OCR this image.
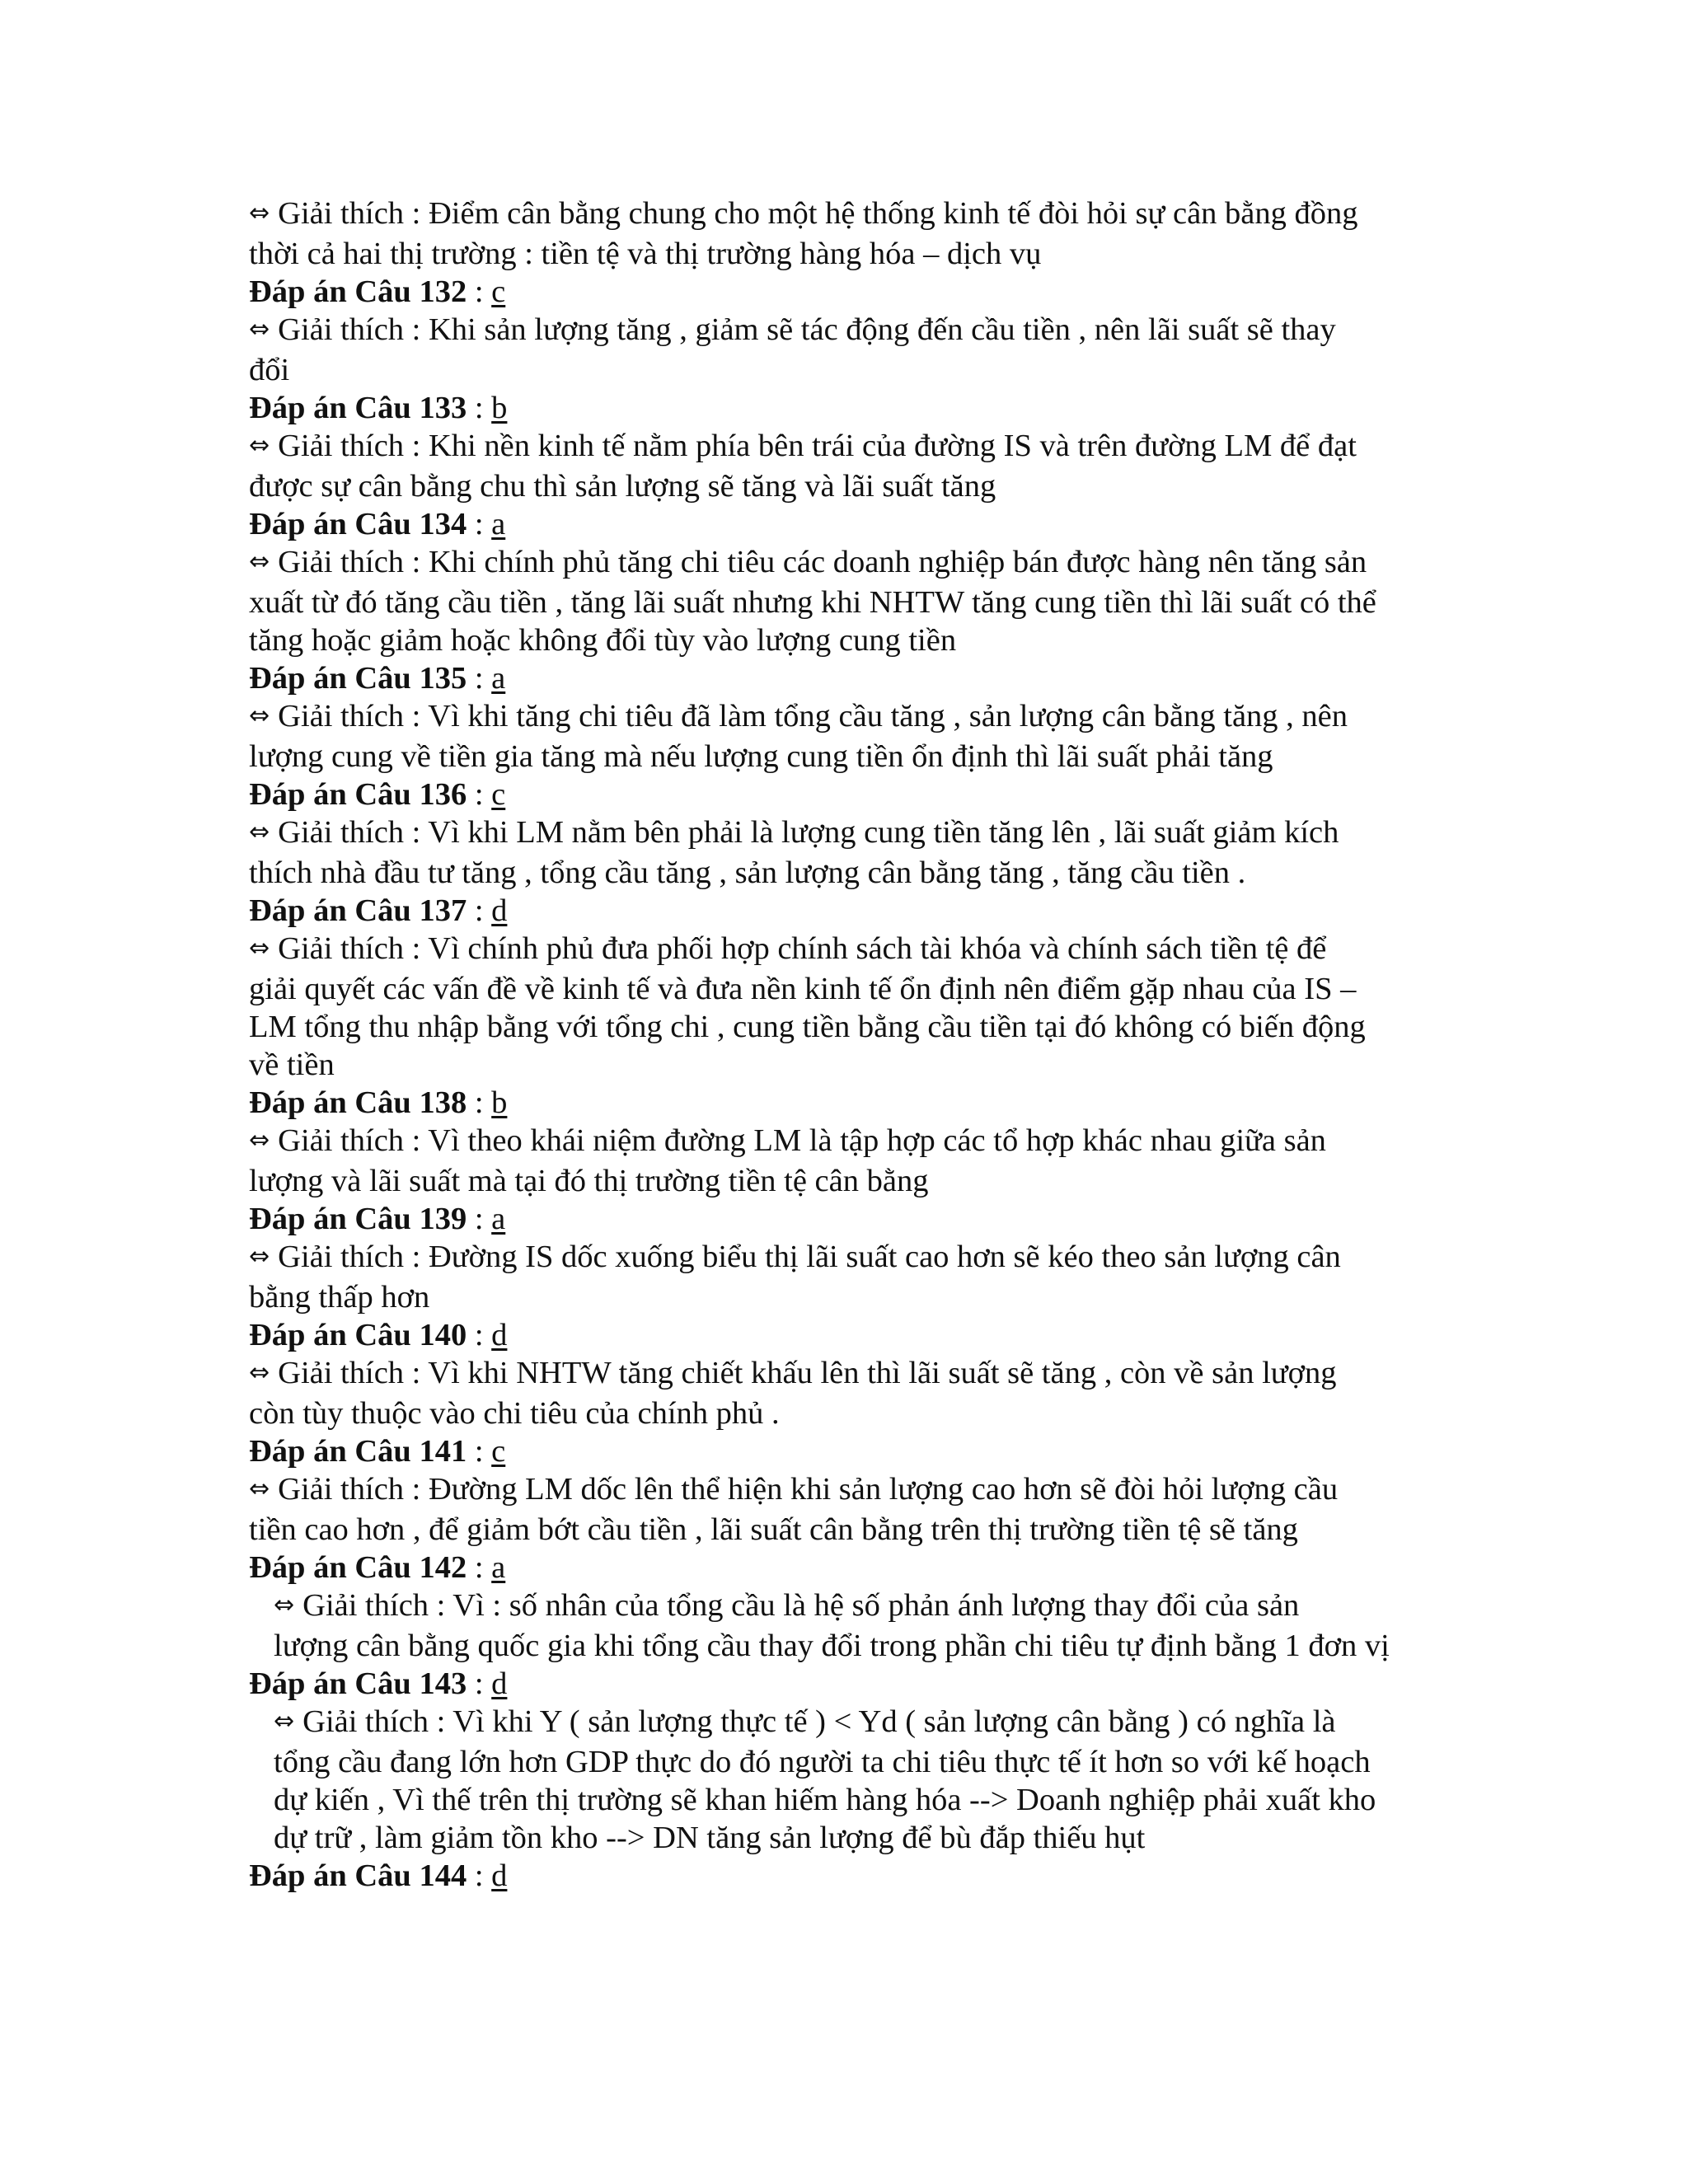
⇔ Giải thích : Điểm cân bằng chung cho một hệ thống kinh tế đòi hỏi sự cân bằng đồng
thời cả hai thị trường : tiền tệ và thị trường hàng hóa – dịch vụ
Đáp án Câu 132 : c
⇔ Giải thích : Khi sản lượng tăng , giảm sẽ tác động đến cầu tiền , nên lãi suất sẽ thay
đổi
Đáp án Câu 133 : b
⇔ Giải thích : Khi nền kinh tế nằm phía bên trái của đường IS và trên đường LM để đạt
được sự cân bằng chu thì sản lượng sẽ tăng và lãi suất tăng
Đáp án Câu 134 : a
⇔ Giải thích : Khi chính phủ tăng chi tiêu các doanh nghiệp bán được hàng nên tăng sản
xuất từ đó tăng cầu tiền , tăng lãi suất nhưng khi NHTW tăng cung tiền thì lãi suất có thể
tăng hoặc giảm hoặc không đổi tùy vào lượng cung tiền
Đáp án Câu 135 : a
⇔ Giải thích : Vì khi tăng chi tiêu đã làm tổng cầu tăng , sản lượng cân bằng tăng , nên
lượng cung về tiền gia tăng mà nếu lượng cung tiền ổn định thì lãi suất phải tăng
Đáp án Câu 136 : c
⇔ Giải thích : Vì khi LM nằm bên phải là lượng cung tiền tăng lên , lãi suất giảm kích
thích nhà đầu tư tăng , tổng cầu tăng , sản lượng cân bằng tăng , tăng cầu tiền .
Đáp án Câu 137 : d
⇔ Giải thích : Vì chính phủ đưa phối hợp chính sách tài khóa và chính sách tiền tệ để
giải quyết các vấn đề về kinh tế và đưa nền kinh tế ổn định nên điểm gặp nhau của IS –
LM tổng thu nhập bằng với tổng chi , cung tiền bằng cầu tiền tại đó không có biến động
về tiền
Đáp án Câu 138 : b
⇔ Giải thích : Vì theo khái niệm đường LM là tập hợp các tổ hợp khác nhau giữa sản
lượng và lãi suất mà tại đó thị trường tiền tệ cân bằng
Đáp án Câu 139 : a
⇔ Giải thích : Đường IS dốc xuống biểu thị lãi suất cao hơn sẽ kéo theo sản lượng cân
bằng thấp hơn
Đáp án Câu 140 : d
⇔ Giải thích : Vì khi NHTW tăng chiết khấu lên thì lãi suất sẽ tăng , còn về sản lượng
còn tùy thuộc vào chi tiêu của chính phủ .
Đáp án Câu 141 : c
⇔ Giải thích : Đường LM dốc lên thể hiện khi sản lượng cao hơn sẽ đòi hỏi lượng cầu
tiền cao hơn , để giảm bớt cầu tiền , lãi suất cân bằng trên thị trường tiền tệ sẽ tăng
Đáp án Câu 142 : a
⇔ Giải thích : Vì : số nhân của tổng cầu là hệ số phản ánh lượng thay đổi của sản
lượng cân bằng quốc gia khi tổng cầu thay đổi trong phần chi tiêu tự định bằng 1 đơn vị
Đáp án Câu 143 : d
⇔ Giải thích : Vì khi Y ( sản lượng thực tế ) < Yd ( sản lượng cân bằng ) có nghĩa là
tổng cầu đang lớn hơn GDP thực do đó người ta chi tiêu thực tế ít hơn so với kế hoạch
dự kiến , Vì thế trên thị trường sẽ khan hiếm hàng hóa --> Doanh nghiệp phải xuất kho
dự trữ , làm giảm tồn kho --> DN tăng sản lượng để bù đắp thiếu hụt
Đáp án Câu 144 : d
